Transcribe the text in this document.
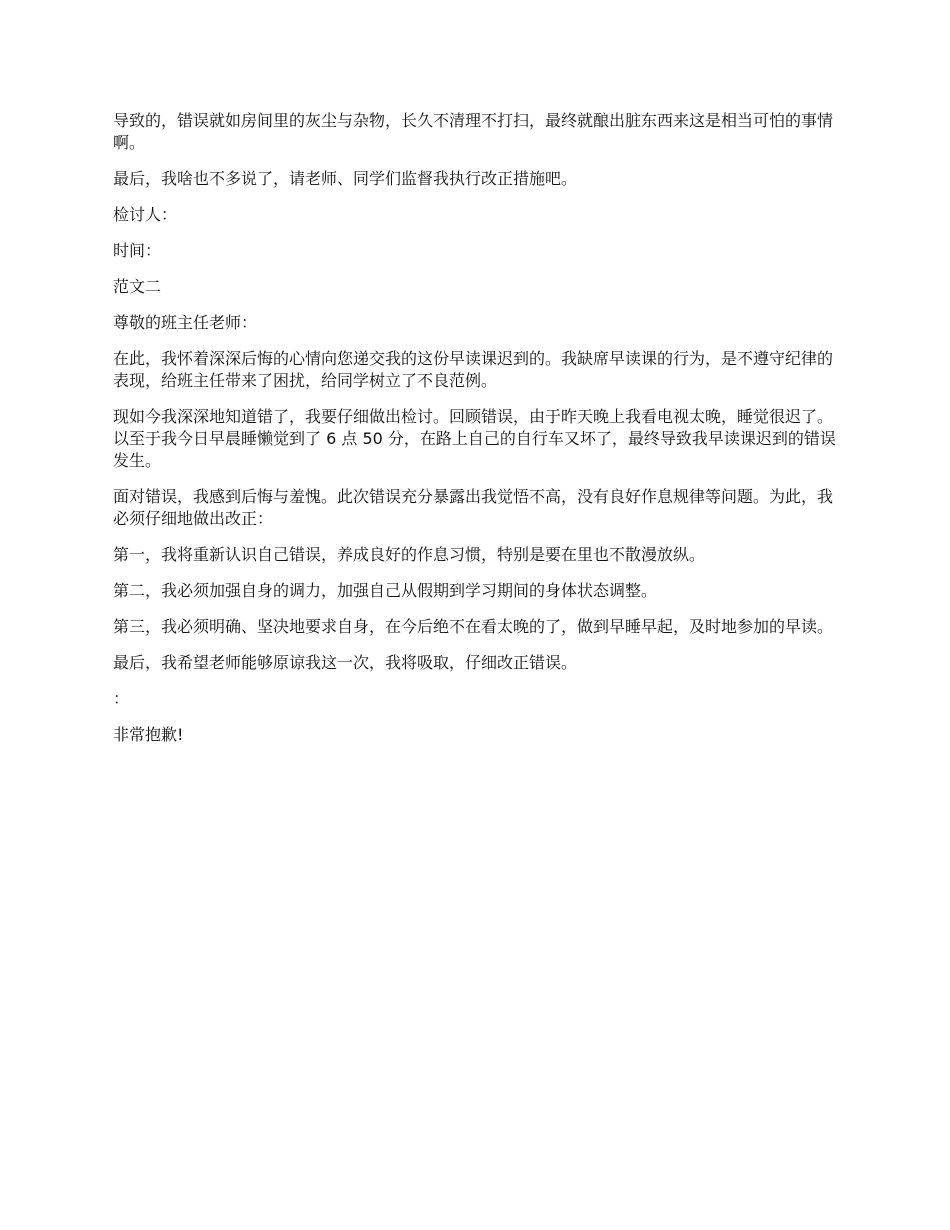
导致的，错误就如房间里的灰尘与杂物，长久不清理不打扫，最终就酿出脏东西来这是相当可怕的事情啊。

最后，我啥也不多说了，请老师、同学们监督我执行改正措施吧。

检讨人：

时间：

范文二

尊敬的班主任老师：

在此，我怀着深深后悔的心情向您递交我的这份早读课迟到的。我缺席早读课的行为，是不遵守纪律的表现，给班主任带来了困扰，给同学树立了不良范例。

现如今我深深地知道错了，我要仔细做出检讨。回顾错误，由于昨天晚上我看电视太晚，睡觉很迟了。以至于我今日早晨睡懒觉到了 6 点 50 分，在路上自己的自行车又坏了，最终导致我早读课迟到的错误发生。

面对错误，我感到后悔与羞愧。此次错误充分暴露出我觉悟不高，没有良好作息规律等问题。为此，我必须仔细地做出改正：

第一，我将重新认识自己错误，养成良好的作息习惯，特别是要在里也不散漫放纵。

第二，我必须加强自身的调力，加强自己从假期到学习期间的身体状态调整。

第三，我必须明确、坚决地要求自身，在今后绝不在看太晚的了，做到早睡早起，及时地参加的早读。

最后，我希望老师能够原谅我这一次，我将吸取，仔细改正错误。

：

非常抱歉!
